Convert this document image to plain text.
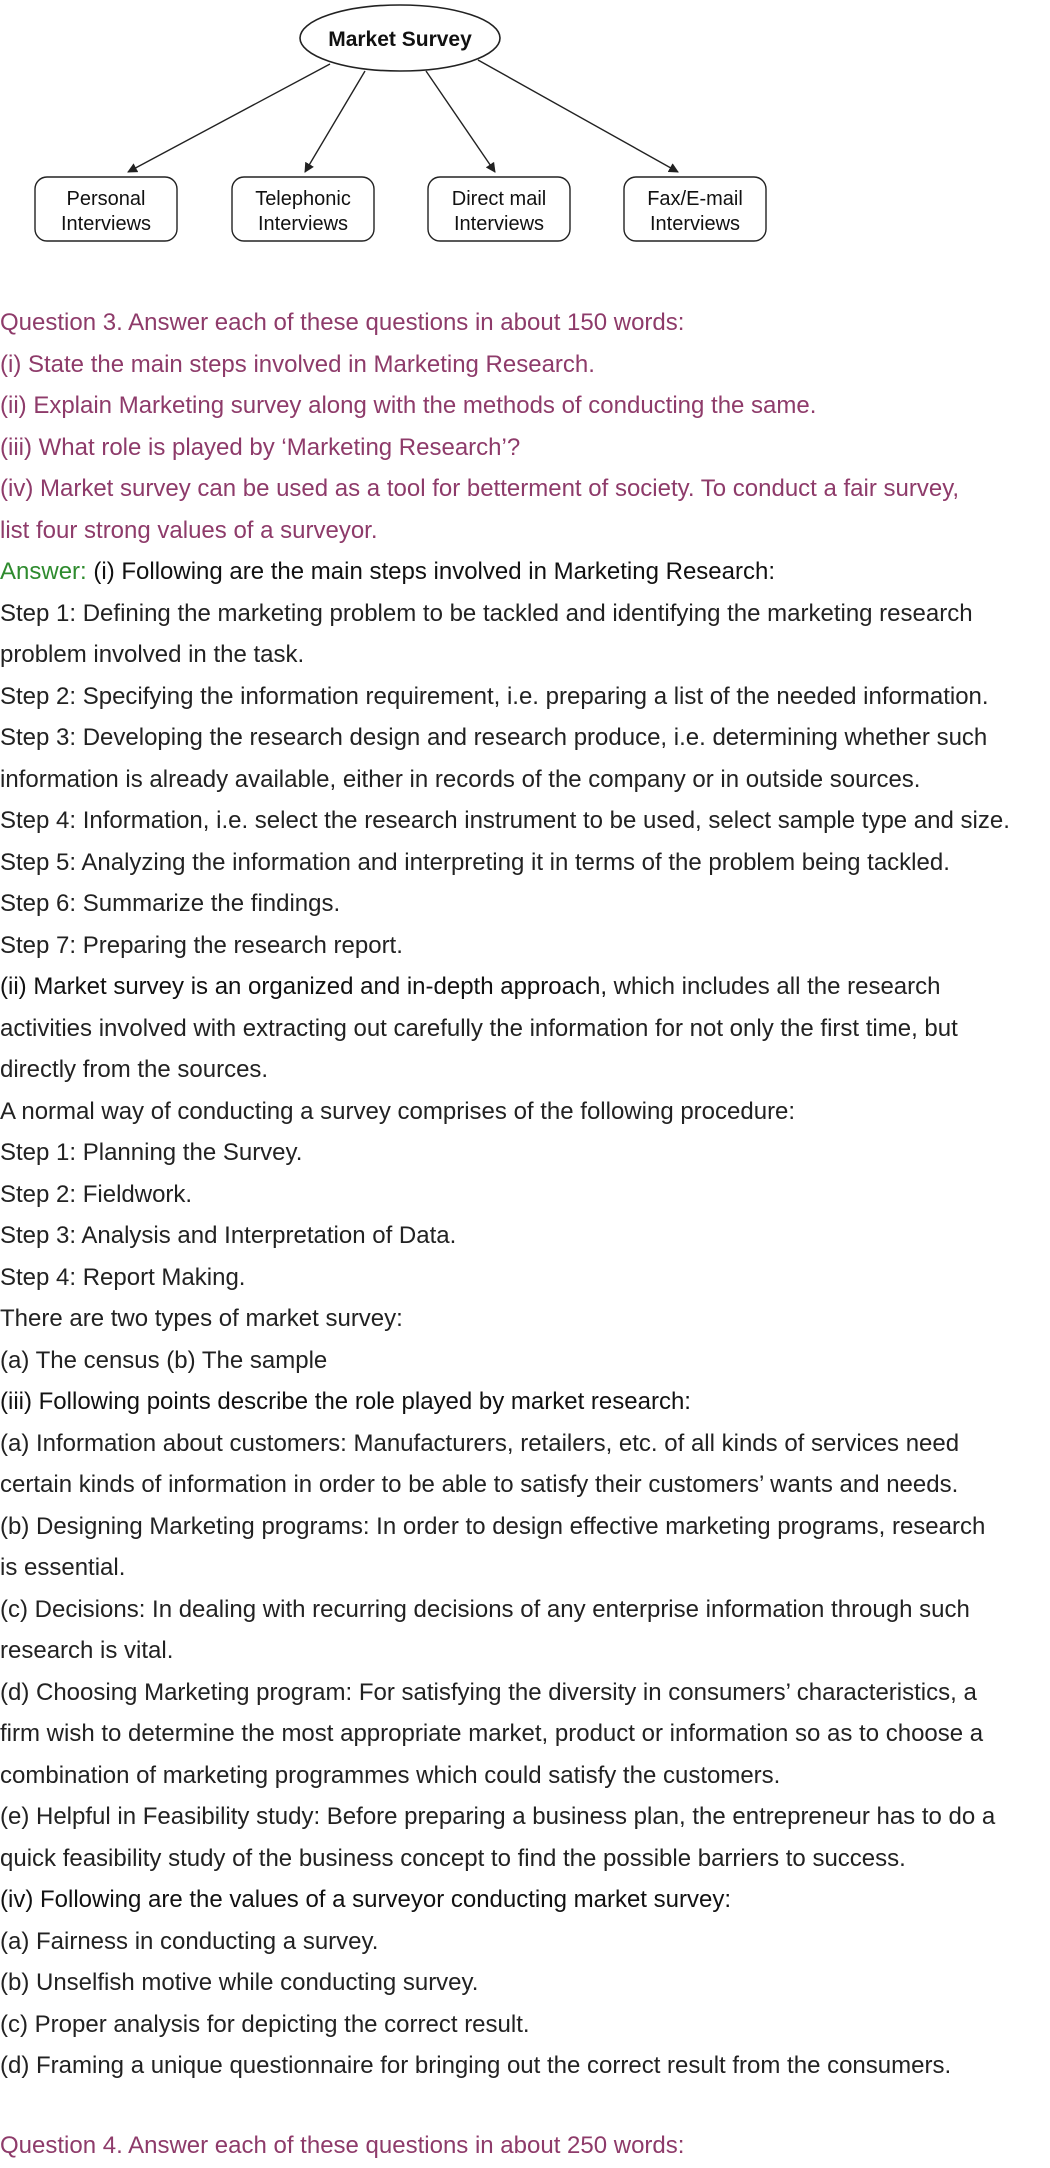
Market Survey
Personal
Interviews
Telephonic
Interviews
Direct mail
Interviews
Fax/E-mail
Interviews

Question 3. Answer each of these questions in about 150 words:

(i) State the main steps involved in Marketing Research.

(ii) Explain Marketing survey along with the methods of conducting the same.

(iii) What role is played by ‘Marketing Research’?

(iv) Market survey can be used as a tool for betterment of society. To conduct a fair survey,

list four strong values of a surveyor.

Answer: (i) Following are the main steps involved in Marketing Research:

Step 1: Defining the marketing problem to be tackled and identifying the marketing research

problem involved in the task.

Step 2: Specifying the information requirement, i.e. preparing a list of the needed information.

Step 3: Developing the research design and research produce, i.e. determining whether such

information is already available, either in records of the company or in outside sources.

Step 4: Information, i.e. select the research instrument to be used, select sample type and size.

Step 5: Analyzing the information and interpreting it in terms of the problem being tackled.

Step 6: Summarize the findings.

Step 7: Preparing the research report.

(ii) Market survey is an organized and in-depth approach, which includes all the research

activities involved with extracting out carefully the information for not only the first time, but

directly from the sources.

A normal way of conducting a survey comprises of the following procedure:

Step 1: Planning the Survey.

Step 2: Fieldwork.

Step 3: Analysis and Interpretation of Data.

Step 4: Report Making.

There are two types of market survey:

(a) The census (b) The sample

(iii) Following points describe the role played by market research:

(a) Information about customers: Manufacturers, retailers, etc. of all kinds of services need

certain kinds of information in order to be able to satisfy their customers’ wants and needs.

(b) Designing Marketing programs: In order to design effective marketing programs, research

is essential.

(c) Decisions: In dealing with recurring decisions of any enterprise information through such

research is vital.

(d) Choosing Marketing program: For satisfying the diversity in consumers’ characteristics, a

firm wish to determine the most appropriate market, product or information so as to choose a

combination of marketing programmes which could satisfy the customers.

(e) Helpful in Feasibility study: Before preparing a business plan, the entrepreneur has to do a

quick feasibility study of the business concept to find the possible barriers to success.

(iv) Following are the values of a surveyor conducting market survey:

(a) Fairness in conducting a survey.

(b) Unselfish motive while conducting survey.

(c) Proper analysis for depicting the correct result.

(d) Framing a unique questionnaire for bringing out the correct result from the consumers.

Question 4. Answer each of these questions in about 250 words:
